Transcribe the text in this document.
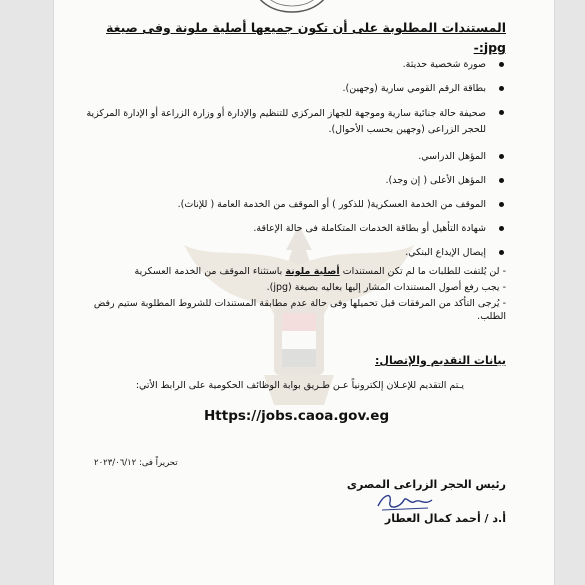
المستندات المطلوبة على أن تكون جميعها أصلية ملونة وفى صيغة
jpg:-
صورة شخصية حديثة.
بطاقة الرقم القومي سارية (وجهين).
صحيفة حالة جنائية سارية وموجهة للجهاز المركزي للتنظيم والإدارة أو وزارة الزراعة أو الإدارة المركزية للحجر الزراعى (وجهين بحسب الأحوال).
المؤهل الدراسي.
المؤهل الأعلى ( إن وجد).
الموقف من الخدمة العسكرية( للذكور ) أو الموقف من الخدمة العامة ( للإناث).
شهادة التأهيل أو بطاقة الخدمات المتكاملة فى حالة الإعاقة.
إيصال الإيداع البنكي.
- لن يُلتفت للطلبات ما لم تكن المستندات أصلية ملونة باستثناء الموقف من الخدمة العسكرية
- يجب رفع أصول المستندات المشار إليها بعاليه بصيغة (jpg).
- يُرجى التأكد من المرفقات قبل تحميلها وفى حالة عدم مطابقة المستندات للشروط المطلوبة ستيم رفض الطلب.
بيانات التقديم والإتصال:
يـتم التقديم للإعـلان إلكترونياً عـن طـريق بوابة الوظائف الحكومية على الرابط الأتي:
تحريراً فى: ٢٠٢٣/٠٦/١٢
رئيس الحجر الزراعى المصرى
أ.د / أحمد كمال العطار
Https://jobs.caoa.gov.eg
